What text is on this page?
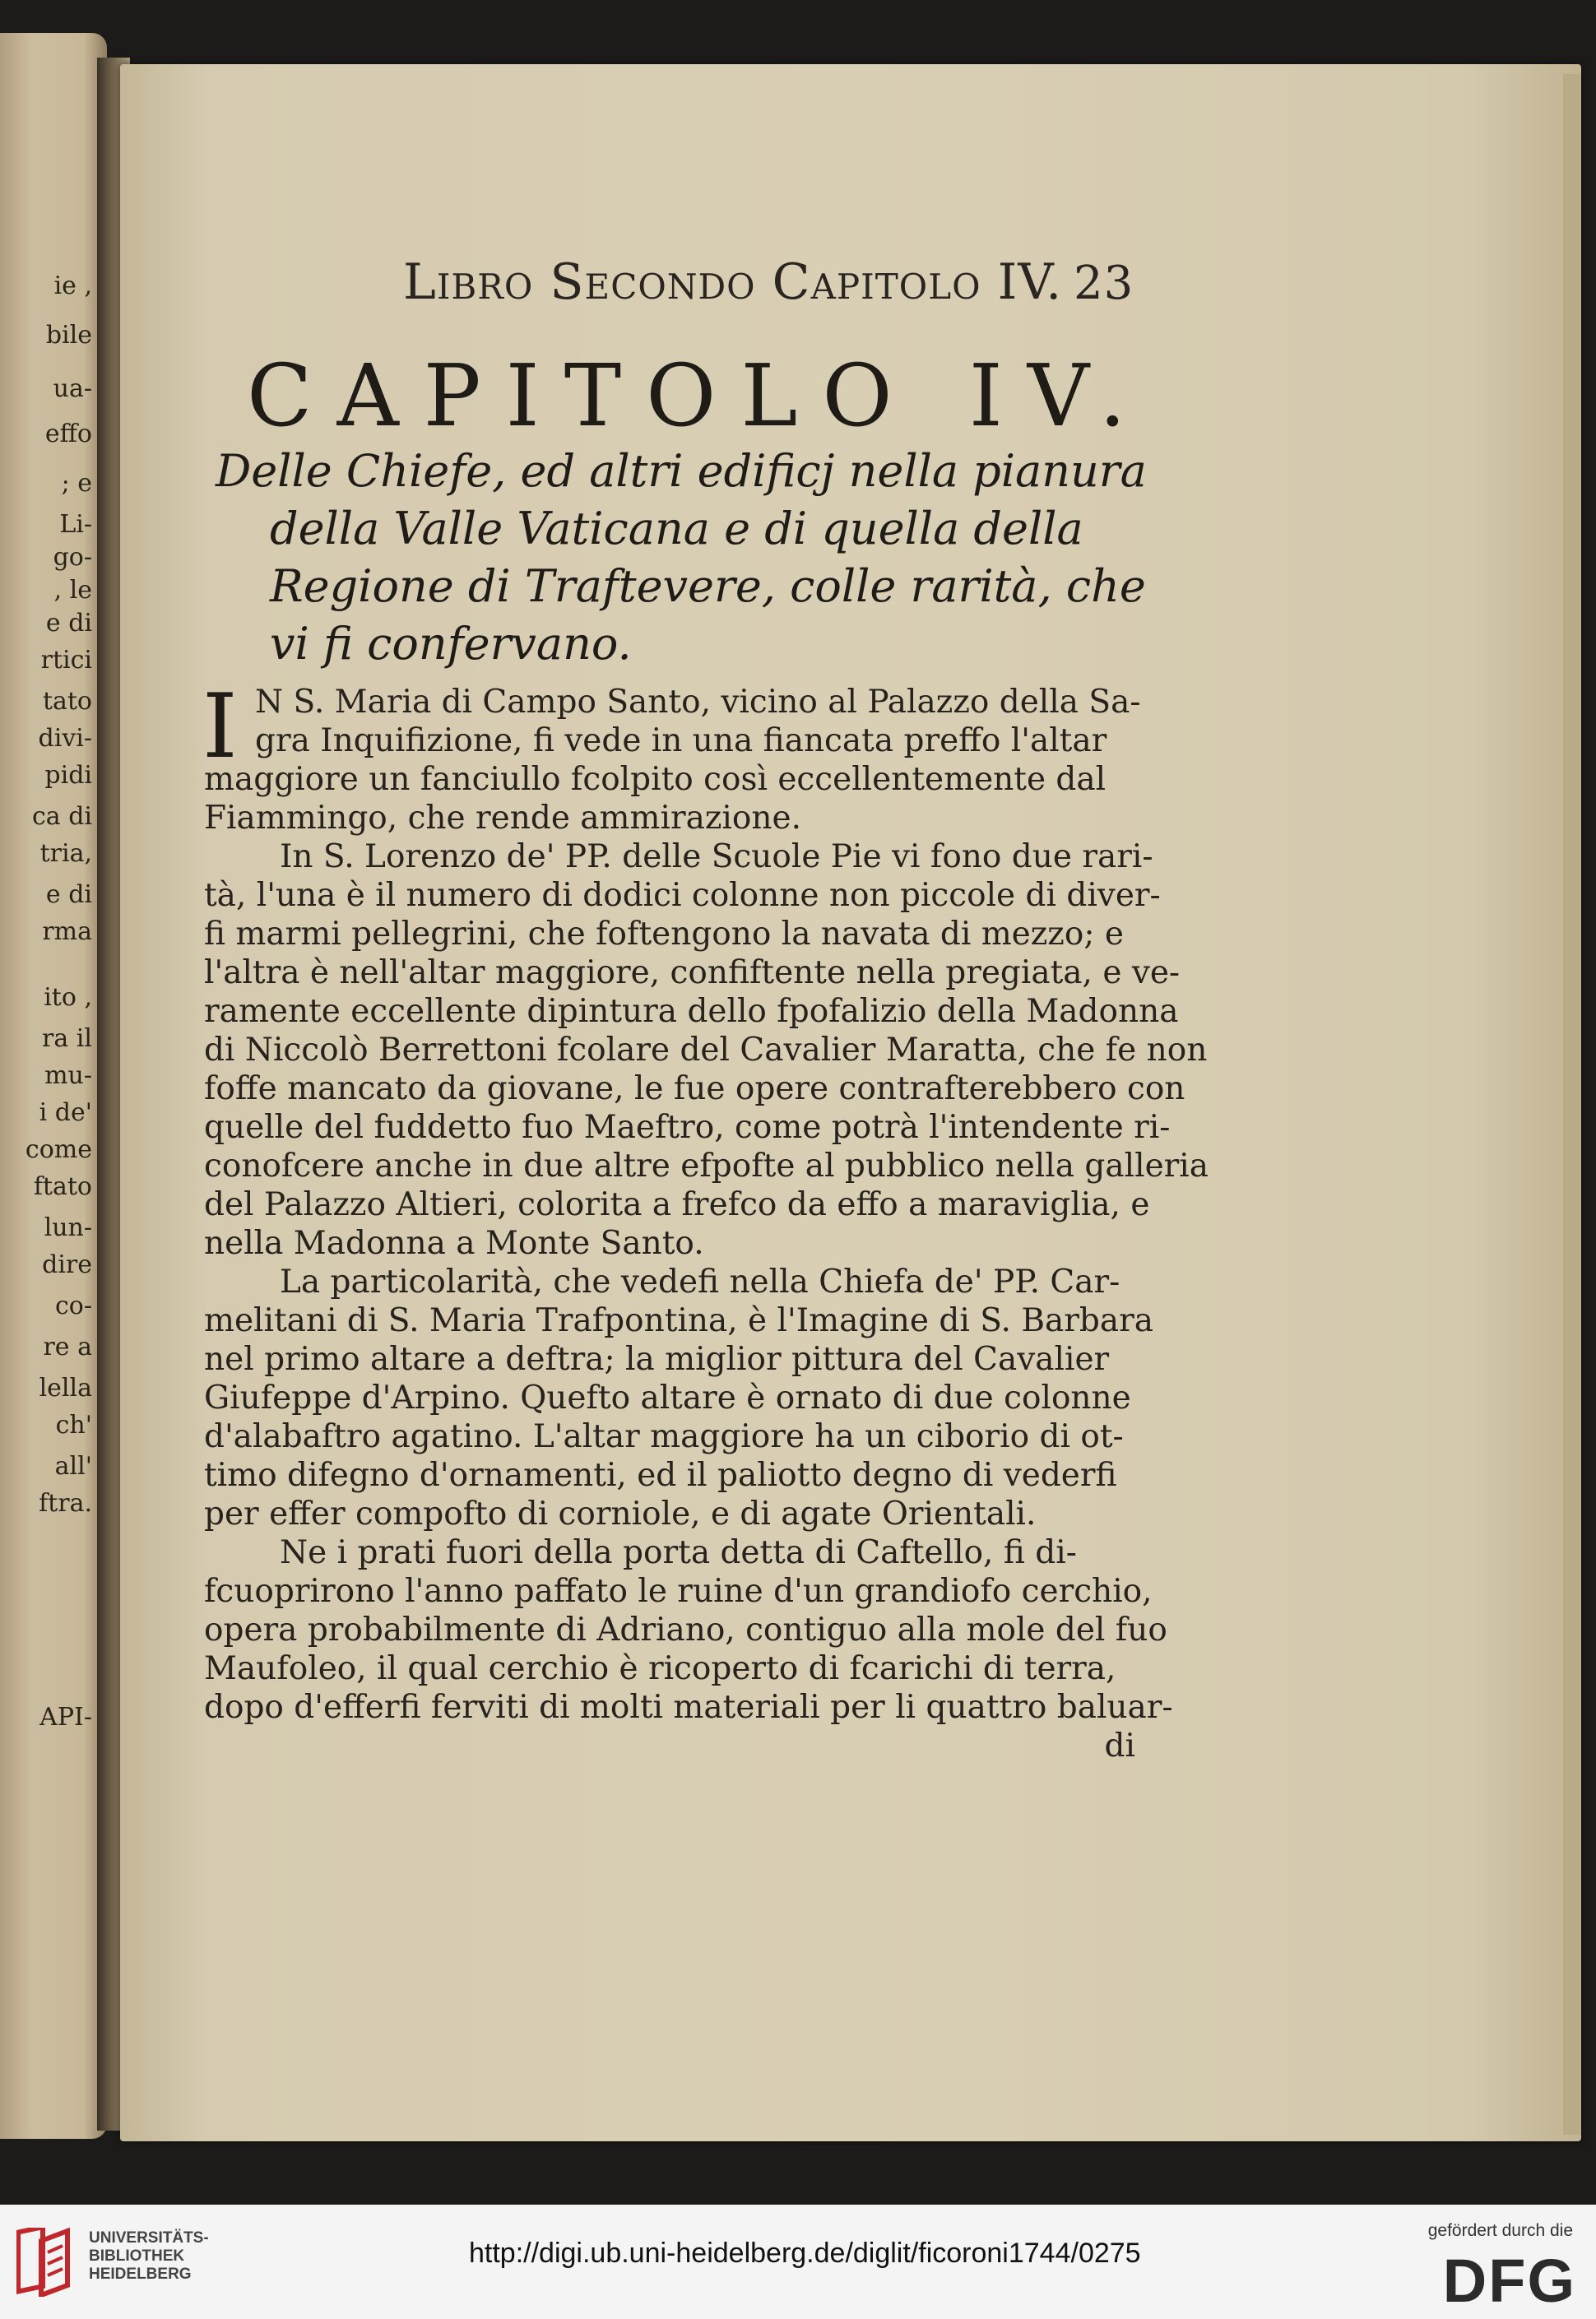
ie ,
bile
ua-
effo
; e
Li-
go-
, le
e di
rtici
tato
divi-
pidi
ca di
tria,
e di
rma
ito ,
ra il
mu-
i de'
come
ftato
lun-
dire
co-
re a
lella
ch'
all'
ftra.
API-
Libro Secondo Capitolo IV. 23
CAPITOLO IV.
Delle Chiefe, ed altri edificj nella pianura
della Valle Vaticana e di quella della
Regione di Traftevere, colle rarità, che
vi fi confervano.
I N S. Maria di Campo Santo, vicino al Palazzo della Sa-
gra Inquifizione, fi vede in una fiancata preffo l'altar
maggiore un fanciullo fcolpito così eccellentemente dal
Fiammingo, che rende ammirazione.
In S. Lorenzo de' PP. delle Scuole Pie vi fono due rari-
tà, l'una è il numero di dodici colonne non piccole di diver-
fi marmi pellegrini, che foftengono la navata di mezzo; e
l'altra è nell'altar maggiore, confiftente nella pregiata, e ve-
ramente eccellente dipintura dello fpofalizio della Madonna
di Niccolò Berrettoni fcolare del Cavalier Maratta, che fe non
foffe mancato da giovane, le fue opere contrafterebbero con
quelle del fuddetto fuo Maeftro, come potrà l'intendente ri-
conofcere anche in due altre efpofte al pubblico nella galleria
del Palazzo Altieri, colorita a frefco da effo a maraviglia, e
nella Madonna a Monte Santo.
La particolarità, che vedefi nella Chiefa de' PP. Car-
melitani di S. Maria Trafpontina, è l'Imagine di S. Barbara
nel primo altare a deftra; la miglior pittura del Cavalier
Giufeppe d'Arpino. Quefto altare è ornato di due colonne
d'alabaftro agatino. L'altar maggiore ha un ciborio di ot-
timo difegno d'ornamenti, ed il paliotto degno di vederfi
per effer compofto di corniole, e di agate Orientali.
Ne i prati fuori della porta detta di Caftello, fi di-
fcuoprirono l'anno paffato le ruine d'un grandiofo cerchio,
opera probabilmente di Adriano, contiguo alla mole del fuo
Maufoleo, il qual cerchio è ricoperto di fcarichi di terra,
dopo d'efferfi ferviti di molti materiali per li quattro baluar-
di
UNIVERSITÄTS-
BIBLIOTHEK
HEIDELBERG
http://digi.ub.uni-heidelberg.de/diglit/ficoroni1744/0275
gefördert durch die
DFG
